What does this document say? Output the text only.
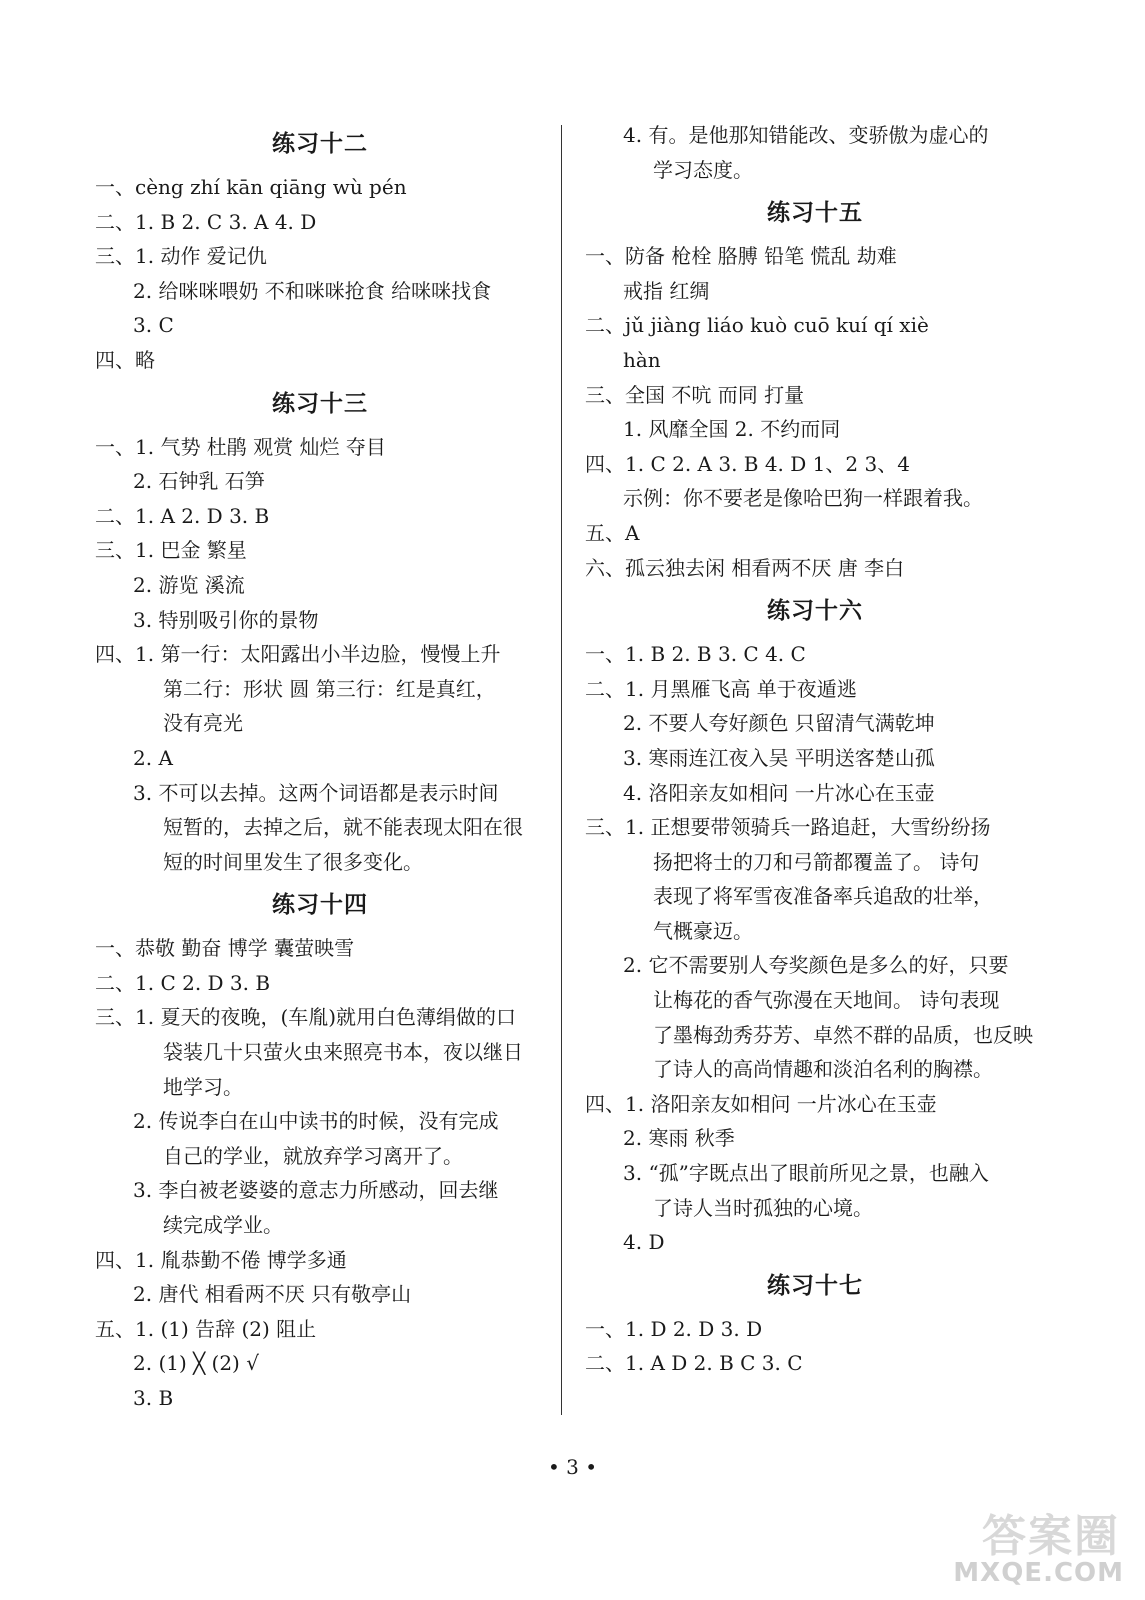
练习十二
一、cèng zhí kān qiāng wù pén
二、1. B 2. C 3. A 4. D
三、1. 动作 爱记仇
2. 给咪咪喂奶 不和咪咪抢食 给咪咪找食
3. C
四、略
练习十三
一、1. 气势 杜鹃 观赏 灿烂 夺目
2. 石钟乳 石笋
二、1. A 2. D 3. B
三、1. 巴金 繁星
2. 游览 溪流
3. 特别吸引你的景物
四、1. 第一行：太阳露出小半边脸，慢慢上升
第二行：形状 圆 第三行：红是真红，
没有亮光
2. A
3. 不可以去掉。这两个词语都是表示时间
短暂的，去掉之后，就不能表现太阳在很
短的时间里发生了很多变化。
练习十四
一、恭敬 勤奋 博学 囊萤映雪
二、1. C 2. D 3. B
三、1. 夏天的夜晚，(车胤)就用白色薄绢做的口
袋装几十只萤火虫来照亮书本，夜以继日
地学习。
2. 传说李白在山中读书的时候，没有完成
自己的学业，就放弃学习离开了。
3. 李白被老婆婆的意志力所感动，回去继
续完成学业。
四、1. 胤恭勤不倦 博学多通
2. 唐代 相看两不厌 只有敬亭山
五、1. (1) 告辞 (2) 阻止
2. (1) ╳ (2) √
3. B
4. 有。是他那知错能改、变骄傲为虚心的
学习态度。
练习十五
一、防备 枪栓 胳膊 铅笔 慌乱 劫难
戒指 红绸
二、jǔ jiàng liáo kuò cuō kuí qí xiè
hàn
三、全国 不吭 而同 打量
1. 风靡全国 2. 不约而同
四、1. C 2. A 3. B 4. D 1、2 3、4
示例：你不要老是像哈巴狗一样跟着我。
五、A
六、孤云独去闲 相看两不厌 唐 李白
练习十六
一、1. B 2. B 3. C 4. C
二、1. 月黑雁飞高 单于夜遁逃
2. 不要人夸好颜色 只留清气满乾坤
3. 寒雨连江夜入吴 平明送客楚山孤
4. 洛阳亲友如相问 一片冰心在玉壶
三、1. 正想要带领骑兵一路追赶，大雪纷纷扬
扬把将士的刀和弓箭都覆盖了。 诗句
表现了将军雪夜准备率兵追敌的壮举，
气概豪迈。
2. 它不需要别人夸奖颜色是多么的好，只要
让梅花的香气弥漫在天地间。 诗句表现
了墨梅劲秀芬芳、卓然不群的品质，也反映
了诗人的高尚情趣和淡泊名利的胸襟。
四、1. 洛阳亲友如相问 一片冰心在玉壶
2. 寒雨 秋季
3. “孤”字既点出了眼前所见之景，也融入
了诗人当时孤独的心境。
4. D
练习十七
一、1. D 2. D 3. D
二、1. A D 2. B C 3. C
• 3 •
答案圈
MXQE.COM
